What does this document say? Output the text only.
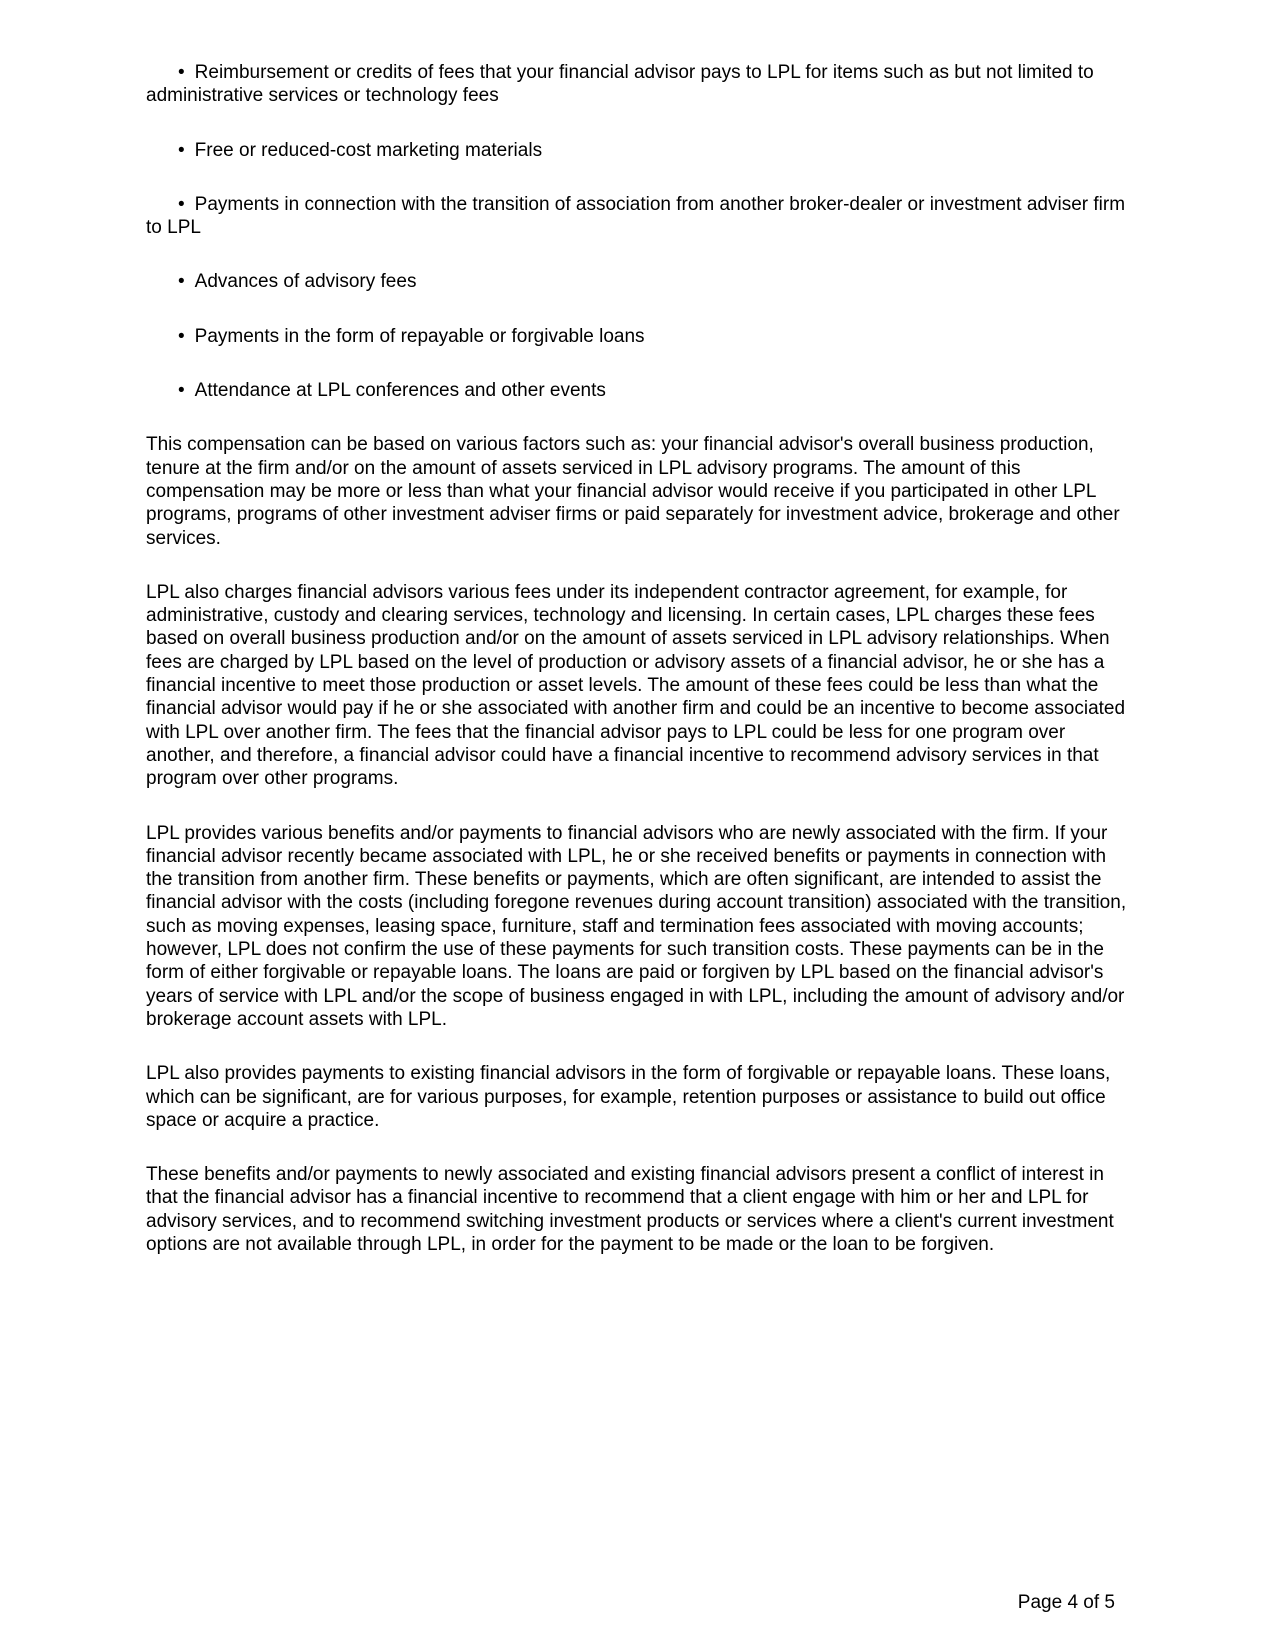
• Reimbursement or credits of fees that your financial advisor pays to LPL for items such as but not limited to administrative services or technology fees

• Free or reduced-cost marketing materials

• Payments in connection with the transition of association from another broker-dealer or investment adviser firm to LPL

• Advances of advisory fees

• Payments in the form of repayable or forgivable loans

• Attendance at LPL conferences and other events

This compensation can be based on various factors such as: your financial advisor's overall business production, tenure at the firm and/or on the amount of assets serviced in LPL advisory programs. The amount of this compensation may be more or less than what your financial advisor would receive if you participated in other LPL programs, programs of other investment adviser firms or paid separately for investment advice, brokerage and other services.

LPL also charges financial advisors various fees under its independent contractor agreement, for example, for administrative, custody and clearing services, technology and licensing. In certain cases, LPL charges these fees based on overall business production and/or on the amount of assets serviced in LPL advisory relationships. When fees are charged by LPL based on the level of production or advisory assets of a financial advisor, he or she has a financial incentive to meet those production or asset levels. The amount of these fees could be less than what the financial advisor would pay if he or she associated with another firm and could be an incentive to become associated with LPL over another firm. The fees that the financial advisor pays to LPL could be less for one program over another, and therefore, a financial advisor could have a financial incentive to recommend advisory services in that program over other programs.

LPL provides various benefits and/or payments to financial advisors who are newly associated with the firm. If your financial advisor recently became associated with LPL, he or she received benefits or payments in connection with the transition from another firm. These benefits or payments, which are often significant, are intended to assist the financial advisor with the costs (including foregone revenues during account transition) associated with the transition, such as moving expenses, leasing space, furniture, staff and termination fees associated with moving accounts; however, LPL does not confirm the use of these payments for such transition costs. These payments can be in the form of either forgivable or repayable loans. The loans are paid or forgiven by LPL based on the financial advisor's years of service with LPL and/or the scope of business engaged in with LPL, including the amount of advisory and/or brokerage account assets with LPL.

LPL also provides payments to existing financial advisors in the form of forgivable or repayable loans. These loans, which can be significant, are for various purposes, for example, retention purposes or assistance to build out office space or acquire a practice.

These benefits and/or payments to newly associated and existing financial advisors present a conflict of interest in that the financial advisor has a financial incentive to recommend that a client engage with him or her and LPL for advisory services, and to recommend switching investment products or services where a client's current investment options are not available through LPL, in order for the payment to be made or the loan to be forgiven.

Page 4 of 5
